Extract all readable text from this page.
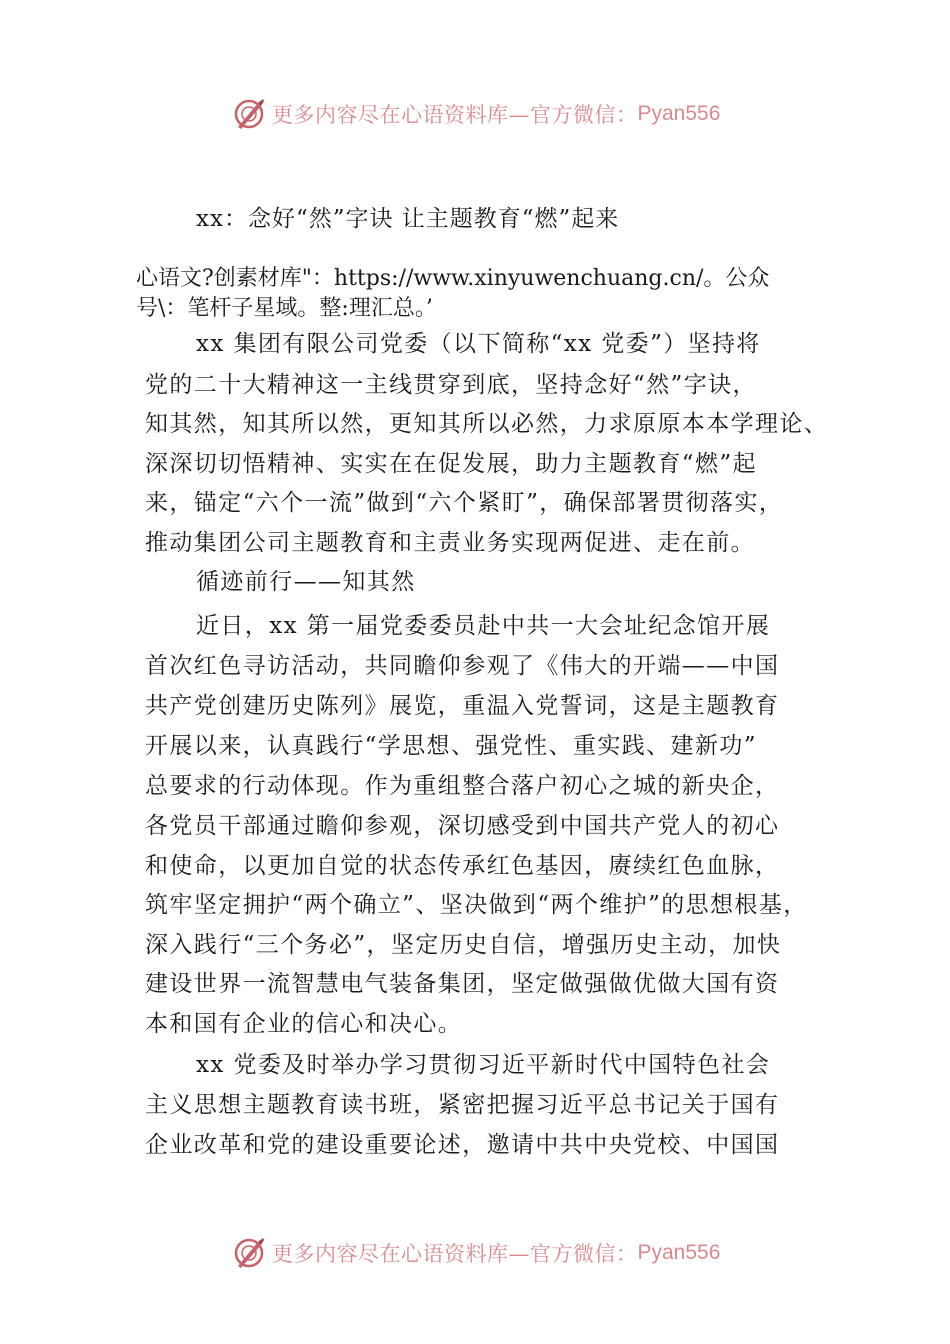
更多内容尽在心语资料库—官方微信： Pyan556
xx：念好“然”字诀 让主题教育“燃”起来
心语文?创素材库"：https://www.xinyuwenchuang.cn/。公众
号\：笔杆子星域。整:理汇总。’
xx 集团有限公司党委（以下简称“xx 党委”）坚持将
党的二十大精神这一主线贯穿到底，坚持念好“然”字诀，
知其然，知其所以然，更知其所以必然，力求原原本本学理论、
深深切切悟精神、实实在在促发展，助力主题教育“燃”起
来，锚定“六个一流”做到“六个紧盯”，确保部署贯彻落实，
推动集团公司主题教育和主责业务实现两促进、走在前。
循迹前行——知其然
近日，xx 第一届党委委员赴中共一大会址纪念馆开展
首次红色寻访活动，共同瞻仰参观了《伟大的开端——中国
共产党创建历史陈列》展览，重温入党誓词，这是主题教育
开展以来，认真践行“学思想、强党性、重实践、建新功”
总要求的行动体现。作为重组整合落户初心之城的新央企，
各党员干部通过瞻仰参观，深切感受到中国共产党人的初心
和使命，以更加自觉的状态传承红色基因，赓续红色血脉，
筑牢坚定拥护“两个确立”、坚决做到“两个维护”的思想根基，
深入践行“三个务必”，坚定历史自信，增强历史主动，加快
建设世界一流智慧电气装备集团，坚定做强做优做大国有资
本和国有企业的信心和决心。
xx 党委及时举办学习贯彻习近平新时代中国特色社会
主义思想主题教育读书班，紧密把握习近平总书记关于国有
企业改革和党的建设重要论述，邀请中共中央党校、中国国
更多内容尽在心语资料库—官方微信： Pyan556
